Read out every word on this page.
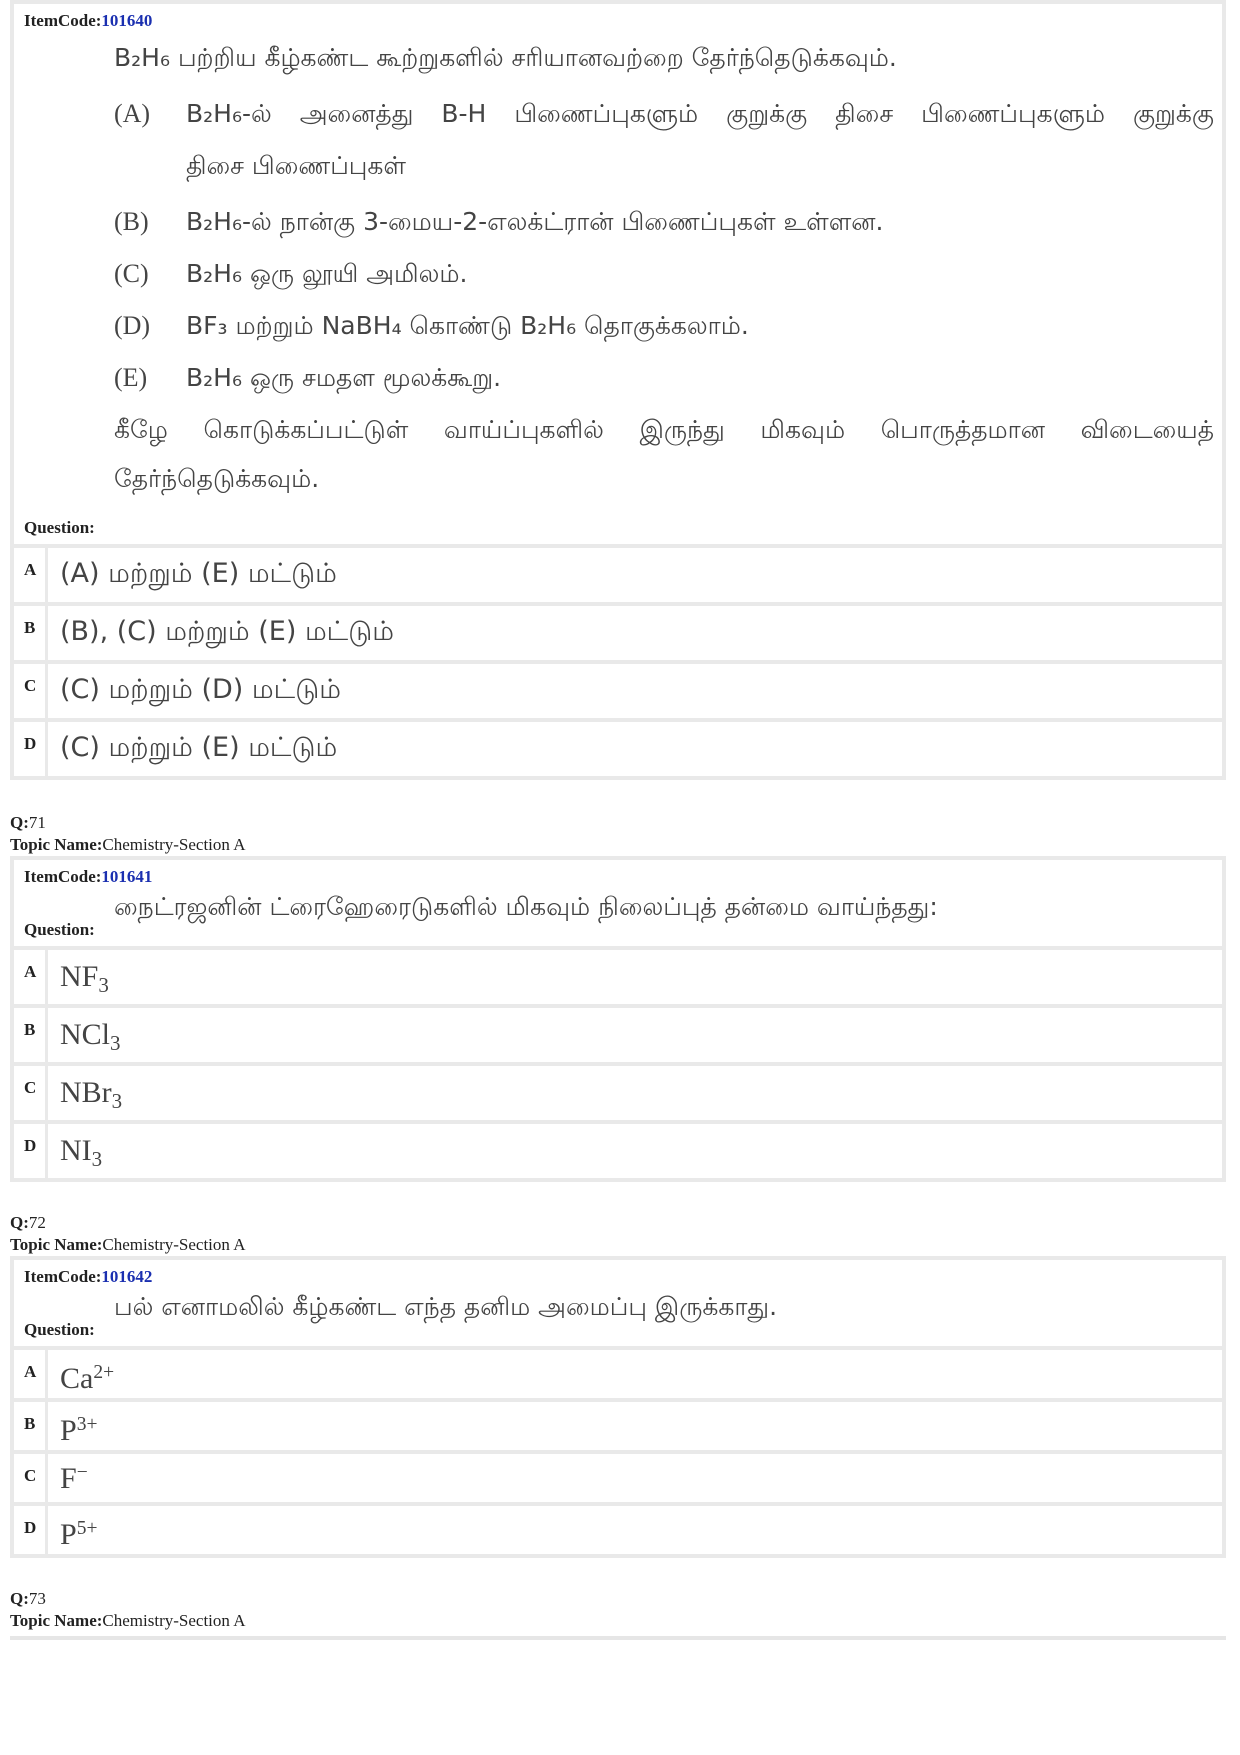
ItemCode:101640
B₂H₆ பற்றிய கீழ்கண்ட கூற்றுகளில் சரியானவற்றை தேர்ந்தெடுக்கவும்.
(A)	B₂H₆-ல் அனைத்து B-H பிணைப்புகளும் குறுக்கு திசை பிணைப்புகளும் குறுக்கு
திசை பிணைப்புகள்
(B)	B₂H₆-ல் நான்கு 3-மைய-2-எலக்ட்ரான் பிணைப்புகள் உள்ளன.
(C)	B₂H₆ ஒரு லூயி அமிலம்.
(D)	BF₃ மற்றும் NaBH₄ கொண்டு B₂H₆ தொகுக்கலாம்.
(E)	B₂H₆ ஒரு சமதள மூலக்கூறு.
கீழே கொடுக்கப்பட்டுள் வாய்ப்புகளில் இருந்து மிகவும் பொருத்தமான விடையைத்
தேர்ந்தெடுக்கவும்.
Question:
A (A) மற்றும் (E) மட்டும்
B (B), (C) மற்றும் (E) மட்டும்
C (C) மற்றும் (D) மட்டும்
D (C) மற்றும் (E) மட்டும்
Q:71
Topic Name:Chemistry-Section A
ItemCode:101641
நைட்ரஜனின் ட்ரைஹேரைடுகளில் மிகவும் நிலைப்புத் தன்மை வாய்ந்தது:
Question:
A $NF_3$
B NCl$_3$
C NBr$_3$
D $NI_3$
Q:72
Topic Name:Chemistry-Section A
ItemCode:101642
பல் எனாமலில் கீழ்கண்ட எந்த தனிம அமைப்பு இருக்காது.
Question:
A $Ca^{2+}$
B $P^{3+}$
C F−
D $P^{5+}$
Q:73
Topic Name:Chemistry-Section A
